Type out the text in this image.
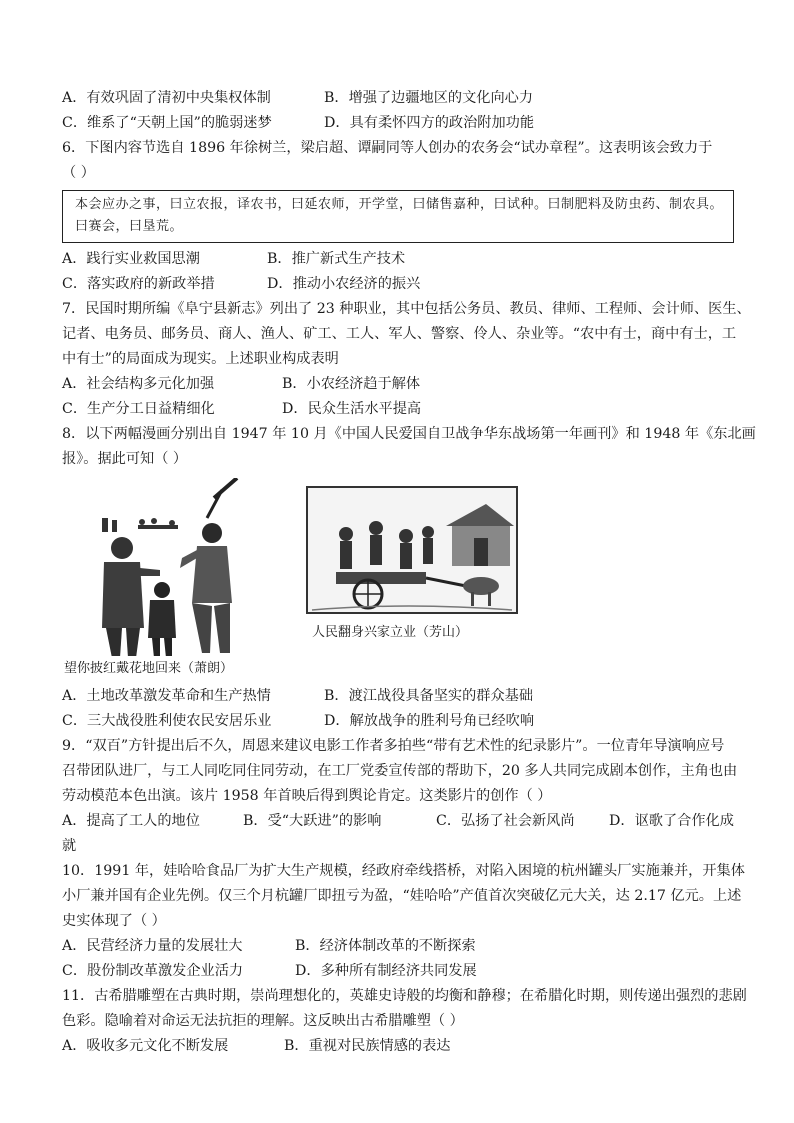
A．有效巩固了清初中央集权体制	B．增强了边疆地区的文化向心力
C．维系了“天朝上国”的脆弱迷梦	D．具有柔怀四方的政治附加功能
6．下图内容节选自 1896 年徐树兰，梁启超、谭嗣同等人创办的农务会“试办章程”。这表明该会致力于
（ ）
本会应办之事，曰立农报，译农书，曰延农师，开学堂，曰储售嘉种，曰试种。曰制肥料及防虫药、制农具。曰赛会，曰垦荒。
A．践行实业救国思潮	B．推广新式生产技术
C．落实政府的新政举措	D．推动小农经济的振兴
7．民国时期所编《阜宁县新志》列出了 23 种职业，其中包括公务员、教员、律师、工程师、会计师、医生、
记者、电务员、邮务员、商人、渔人、矿工、工人、军人、警察、伶人、杂业等。“农中有士，商中有士，工
中有士”的局面成为现实。上述职业构成表明
A．社会结构多元化加强	B．小农经济趋于解体
C．生产分工日益精细化	D．民众生活水平提高
8．以下两幅漫画分别出自 1947 年 10 月《中国人民爱国自卫战争华东战场第一年画刊》和 1948 年《东北画
报》。据此可知（ ）
望你披红戴花地回来（萧朗）
人民翻身兴家立业（芳山）
A．土地改革激发革命和生产热情	B．渡江战役具备坚实的群众基础
C．三大战役胜利使农民安居乐业	D．解放战争的胜利号角已经吹响
9．“双百”方针提出后不久，周恩来建议电影工作者多拍些“带有艺术性的纪录影片”。一位青年导演响应号
召带团队进厂，与工人同吃同住同劳动，在工厂党委宣传部的帮助下，20 多人共同完成剧本创作，主角也由
劳动模范本色出演。该片 1958 年首映后得到舆论肯定。这类影片的创作（ ）
A．提高了工人的地位	B．受“大跃进”的影响	C．弘扬了社会新风尚	D．讴歌了合作化成
就
10．1991 年，娃哈哈食品厂为扩大生产规模，经政府牵线搭桥，对陷入困境的杭州罐头厂实施兼并，开集体
小厂兼并国有企业先例。仅三个月杭罐厂即扭亏为盈，“娃哈哈”产值首次突破亿元大关，达 2.17 亿元。上述
史实体现了（ ）
A．民营经济力量的发展壮大	B．经济体制改革的不断探索
C．股份制改革激发企业活力	D．多种所有制经济共同发展
11．古希腊雕塑在古典时期，崇尚理想化的，英雄史诗般的均衡和静穆；在希腊化时期，则传递出强烈的悲剧
色彩。隐喻着对命运无法抗拒的理解。这反映出古希腊雕塑（ ）
A．吸收多元文化不断发展	B．重视对民族情感的表达
